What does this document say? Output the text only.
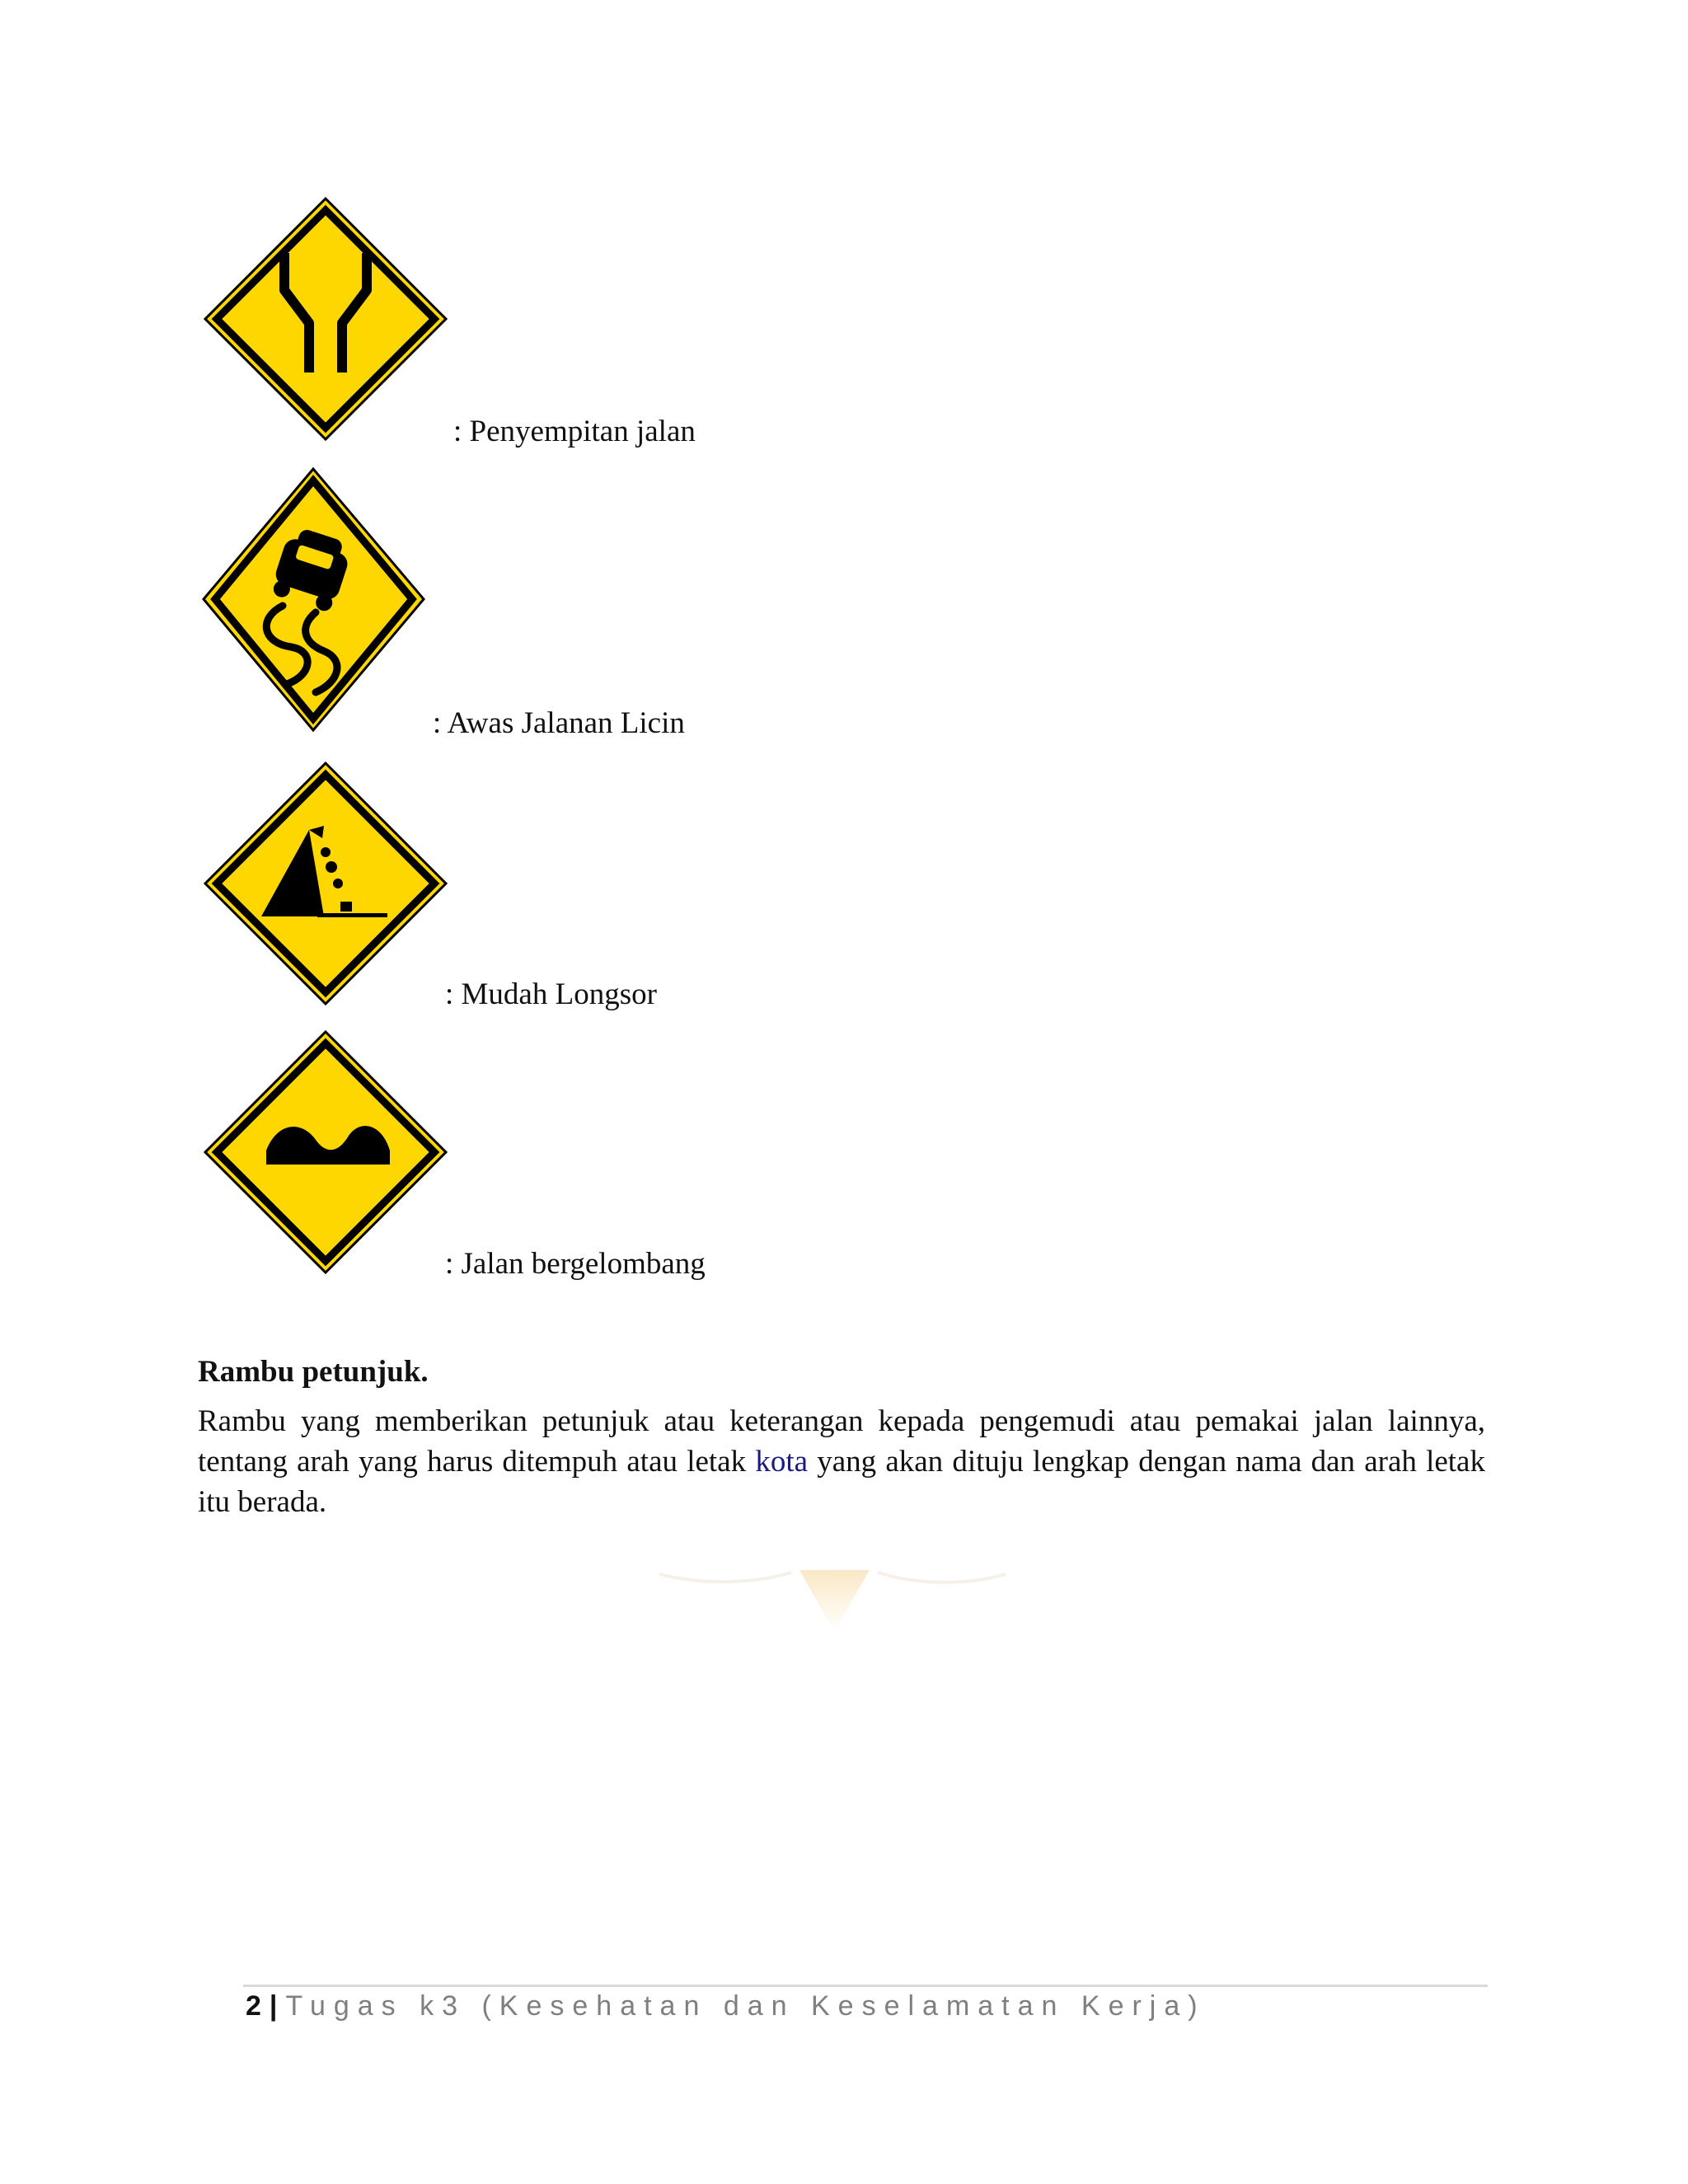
: Penyempitan jalan
: Awas Jalanan Licin
: Mudah Longsor
: Jalan bergelombang
Rambu petunjuk.
Rambu yang memberikan petunjuk atau keterangan kepada pengemudi atau pemakai jalan lainnya, tentang arah yang harus ditempuh atau letak kota yang akan dituju lengkap dengan nama dan arah letak itu berada.
2 | Tugas k3 (Kesehatan dan Keselamatan Kerja)
